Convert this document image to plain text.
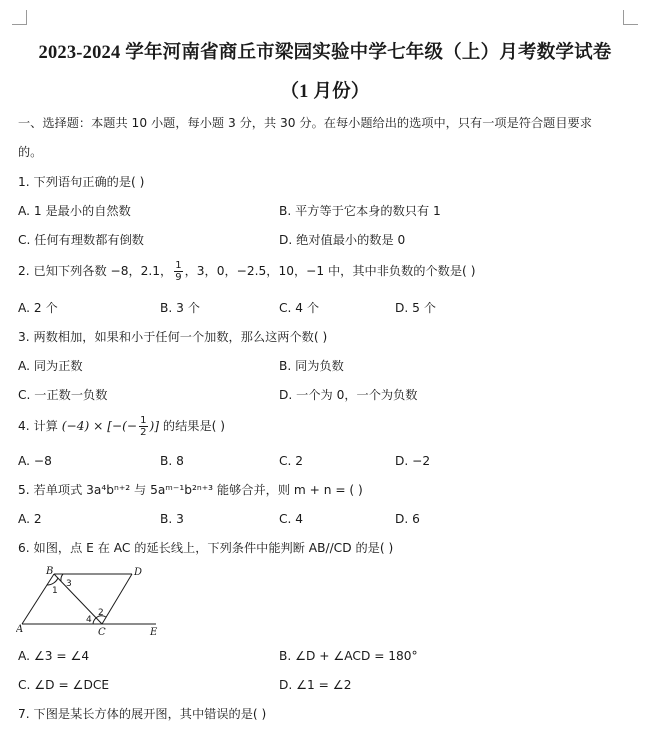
2023-2024 学年河南省商丘市梁园实验中学七年级（上）月考数学试卷
（1 月份）
一、选择题：本题共 10 小题，每小题 3 分，共 30 分。在每小题给出的选项中，只有一项是符合题目要求
的。
1. 下列语句正确的是( )
A. 1 是最小的自然数	B. 平方等于它本身的数只有 1
C. 任何有理数都有倒数	D. 绝对值最小的数是 0
2. 已知下列各数 −8，2.1， $\frac{1}{9}$ ，3，0，−2.5，10，−1 中，其中非负数的个数是( )
A. 2 个	B. 3 个	C. 4 个	D. 5 个
3. 两数相加，如果和小于任何一个加数，那么这两个数( )
A. 同为正数	B. 同为负数
C. 一正数一负数	D. 一个为 0，一个为负数
4. 计算 (−4) × [−(− $\frac{1}{2}$ )] 的结果是( )
A. −8	B. 8	C. 2	D. −2
5. 若单项式 3a⁴bⁿ⁺² 与 5aᵐ⁻¹b²ⁿ⁺³ 能够合并，则 m + n = ( )
A. 2	B. 3	C. 4	D. 6
6. 如图，点 E 在 AC 的延长线上，下列条件中能判断 AB//CD 的是( )
B	D
A	C	E
1
2
3
4
A. ∠3 = ∠4	B. ∠D + ∠ACD = 180°
C. ∠D = ∠DCE	D. ∠1 = ∠2
7. 下图是某长方体的展开图，其中错误的是( )
